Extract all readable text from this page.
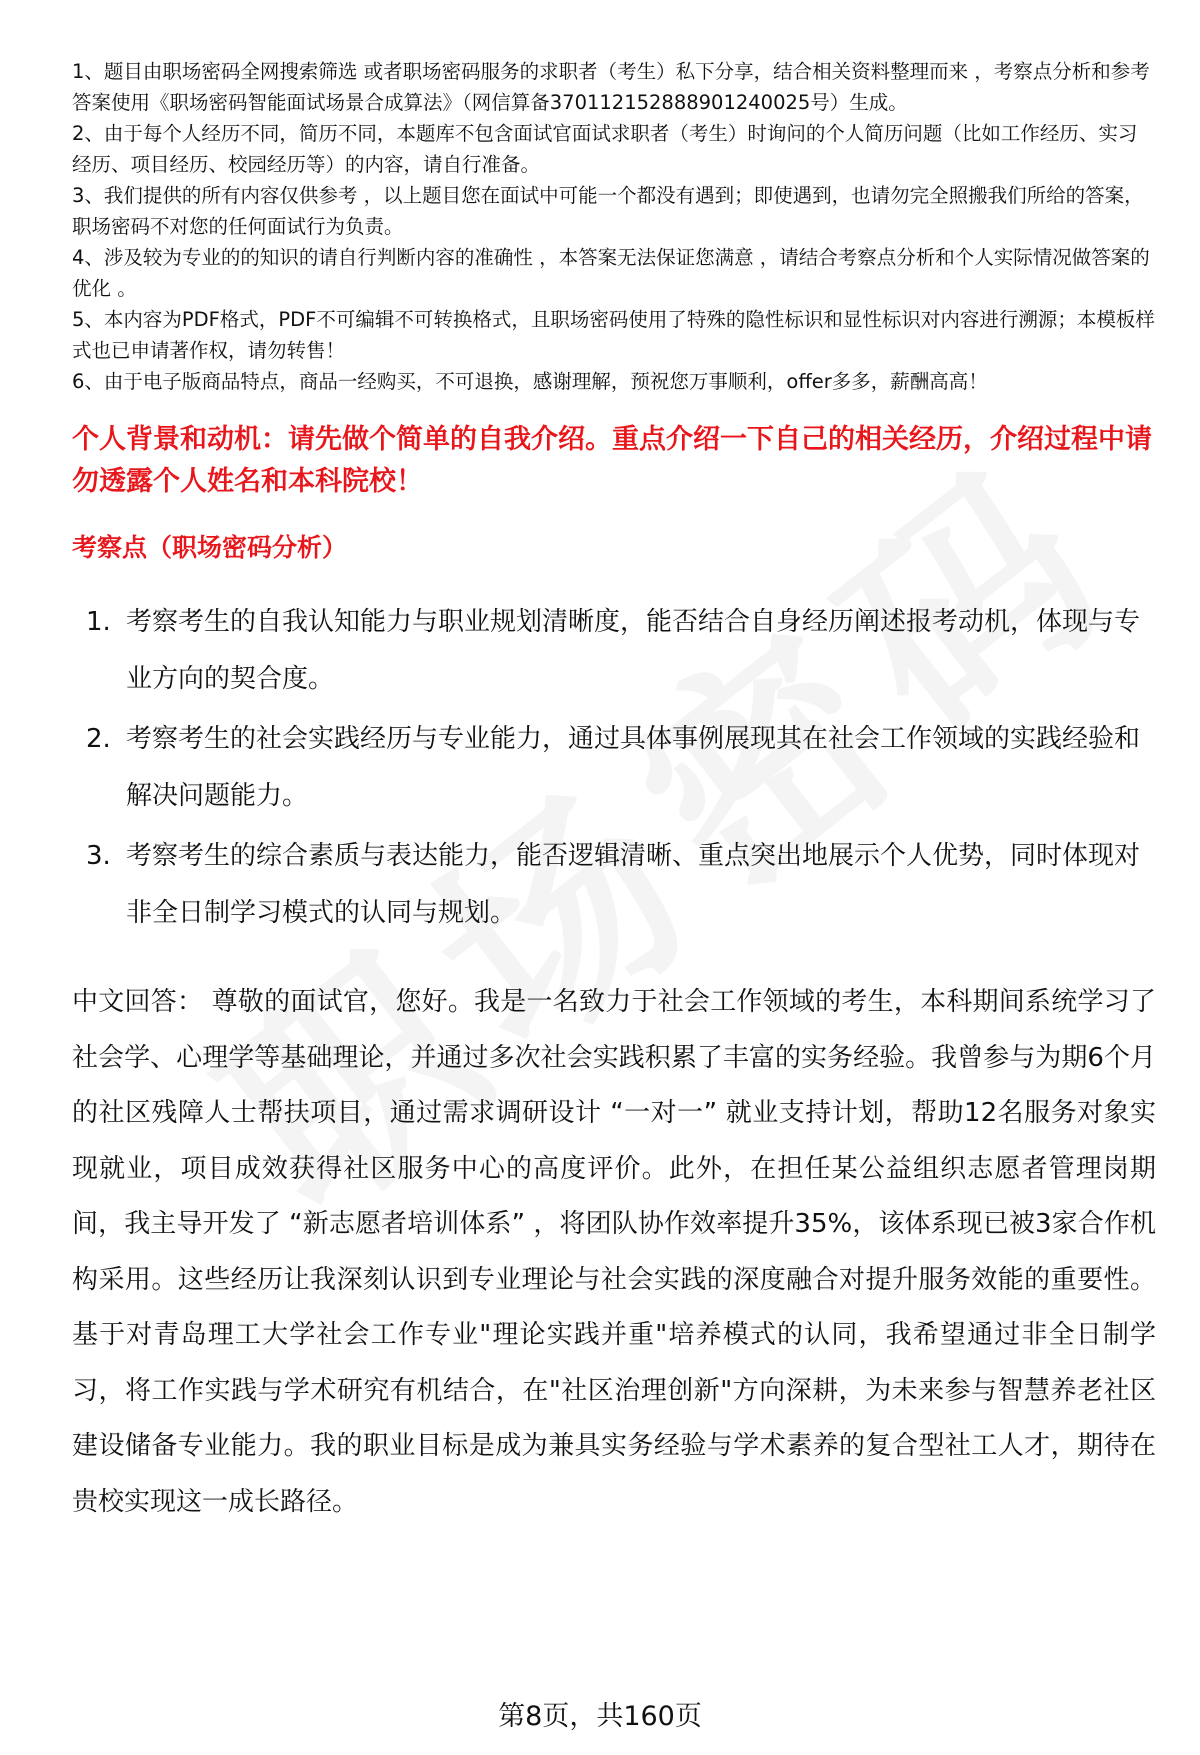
1、题目由职场密码全网搜索筛选 或者职场密码服务的求职者（考生）私下分享，结合相关资料整理而来 ，考察点分析和参考答案使用《职场密码智能面试场景合成算法》（网信算备370112152888901240025号）生成。
2、由于每个人经历不同，简历不同，本题库不包含面试官面试求职者（考生）时询问的个人简历问题（比如工作经历、实习经历、项目经历、校园经历等）的内容，请自行准备。
3、我们提供的所有内容仅供参考 ，以上题目您在面试中可能一个都没有遇到；即使遇到，也请勿完全照搬我们所给的答案，职场密码不对您的任何面试行为负责。
4、涉及较为专业的的知识的请自行判断内容的准确性 ，本答案无法保证您满意 ，请结合考察点分析和个人实际情况做答案的优化 。
5、本内容为PDF格式，PDF不可编辑不可转换格式，且职场密码使用了特殊的隐性标识和显性标识对内容进行溯源；本模板样式也已申请著作权，请勿转售！
6、由于电子版商品特点，商品一经购买，不可退换，感谢理解，预祝您万事顺利，offer多多，薪酬高高！
个人背景和动机：请先做个简单的自我介绍。重点介绍一下自己的相关经历，介绍过程中请勿透露个人姓名和本科院校！
考察点（职场密码分析）
1. 考察考生的自我认知能力与职业规划清晰度，能否结合自身经历阐述报考动机，体现与专业方向的契合度。
2. 考察考生的社会实践经历与专业能力，通过具体事例展现其在社会工作领域的实践经验和解决问题能力。
3. 考察考生的综合素质与表达能力，能否逻辑清晰、重点突出地展示个人优势，同时体现对非全日制学习模式的认同与规划。
中文回答： 尊敬的面试官，您好。我是一名致力于社会工作领域的考生，本科期间系统学习了社会学、心理学等基础理论，并通过多次社会实践积累了丰富的实务经验。我曾参与为期6个月的社区残障人士帮扶项目，通过需求调研设计 “一对一” 就业支持计划，帮助12名服务对象实现就业，项目成效获得社区服务中心的高度评价。此外，在担任某公益组织志愿者管理岗期间，我主导开发了 “新志愿者培训体系” ，将团队协作效率提升35%，该体系现已被3家合作机构采用。这些经历让我深刻认识到专业理论与社会实践的深度融合对提升服务效能的重要性。基于对青岛理工大学社会工作专业"理论实践并重"培养模式的认同，我希望通过非全日制学习，将工作实践与学术研究有机结合，在"社区治理创新"方向深耕，为未来参与智慧养老社区建设储备专业能力。我的职业目标是成为兼具实务经验与学术素养的复合型社工人才，期待在贵校实现这一成长路径。
第8页，共160页
